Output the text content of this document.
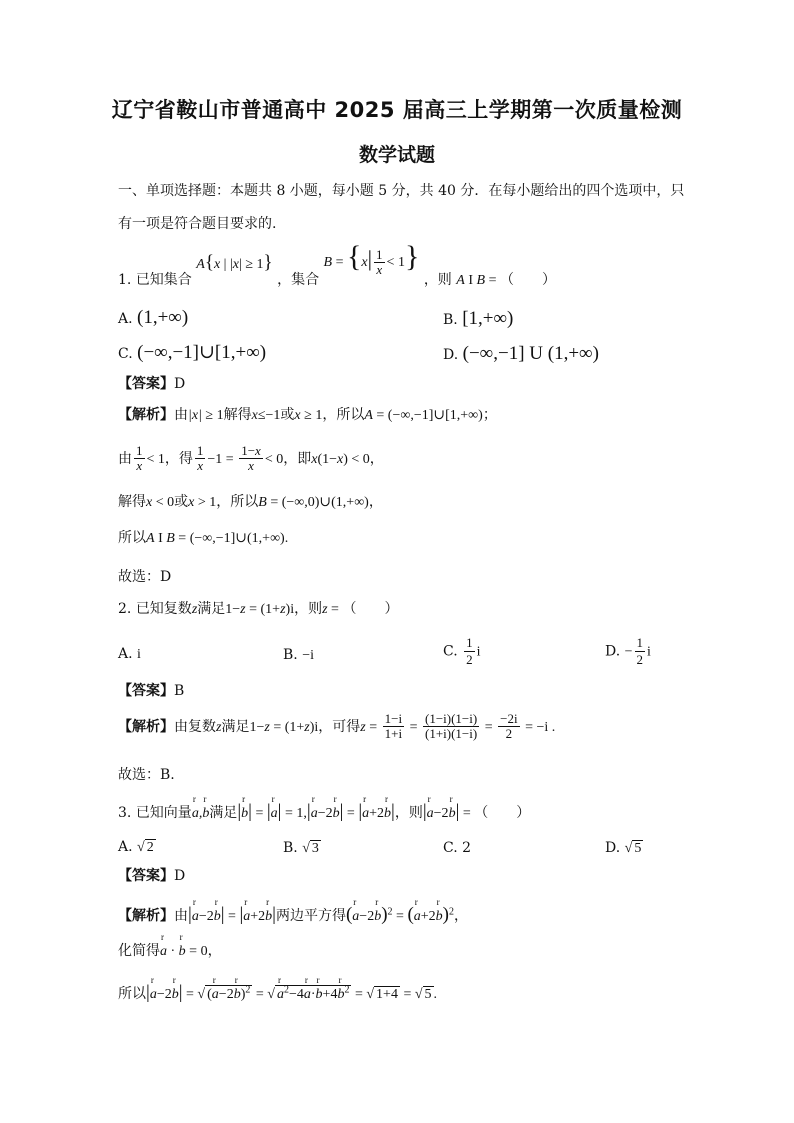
辽宁省鞍山市普通高中 2025 届高三上学期第一次质量检测
数学试题
一、单项选择题：本题共 8 小题，每小题 5 分，共 40 分．在每小题给出的四个选项中，只
有一项是符合题目要求的.
1. 已知集合 A{x | |x| ≥ 1} ，集合 $B = \{x| \frac{1}{x} < 1\}$ ，则 A I B = （　　）
A. (1,+∞)	B. [1,+∞)
C. (−∞,−1]∪[1,+∞)	D. (−∞,−1] U (1,+∞)
【答案】D
【解析】由|x| ≥ 1解得x≤−1或x ≥ 1，所以A = (−∞,−1]∪[1,+∞)；
由 $\frac{1}{x} < 1$，得 $\frac{1}{x} -1 = \frac{1-x}{x} < 0$，即x(1−x) < 0，
解得x < 0或x > 1，所以B = (−∞,0)∪(1,+∞)，
所以A I B = (−∞,−1]∪(1,+∞).
故选：D
2. 已知复数z满足1−z = (1+z)i，则z = （　　）
A. i	B. −i	C. $\frac{1}{2}$ i	D. − $\frac{1}{2}$ i
【答案】B
【解析】由复数z满足1−z = (1+z)i，可得$z = \frac{1-i}{1+i} = \frac{(1-i)(1-i)}{(1+i)(1-i)} = \frac{-2i}{2} = -i$ .
故选：B.
3. 已知向量r a,r b满足|r b| = |r a| = 1,|r a−2r b| = |r a+2r b|，则|r a−2r b| = （　　）
A. √ 2	B. √ 3	C. 2	D. √ 5
【答案】D
【解析】由|r a−2r b| = |r a+2r b|两边平方得(r a−2r b)$^2$ = (r a+2r b)$^2$，
化简得r a · r b = 0，
所以|r a−2r b| = √ (r a−2r b)$^2$ = √r $a^2-4r$ a·r b+4r $b^2$ = √ 1+4 = √ 5 .
